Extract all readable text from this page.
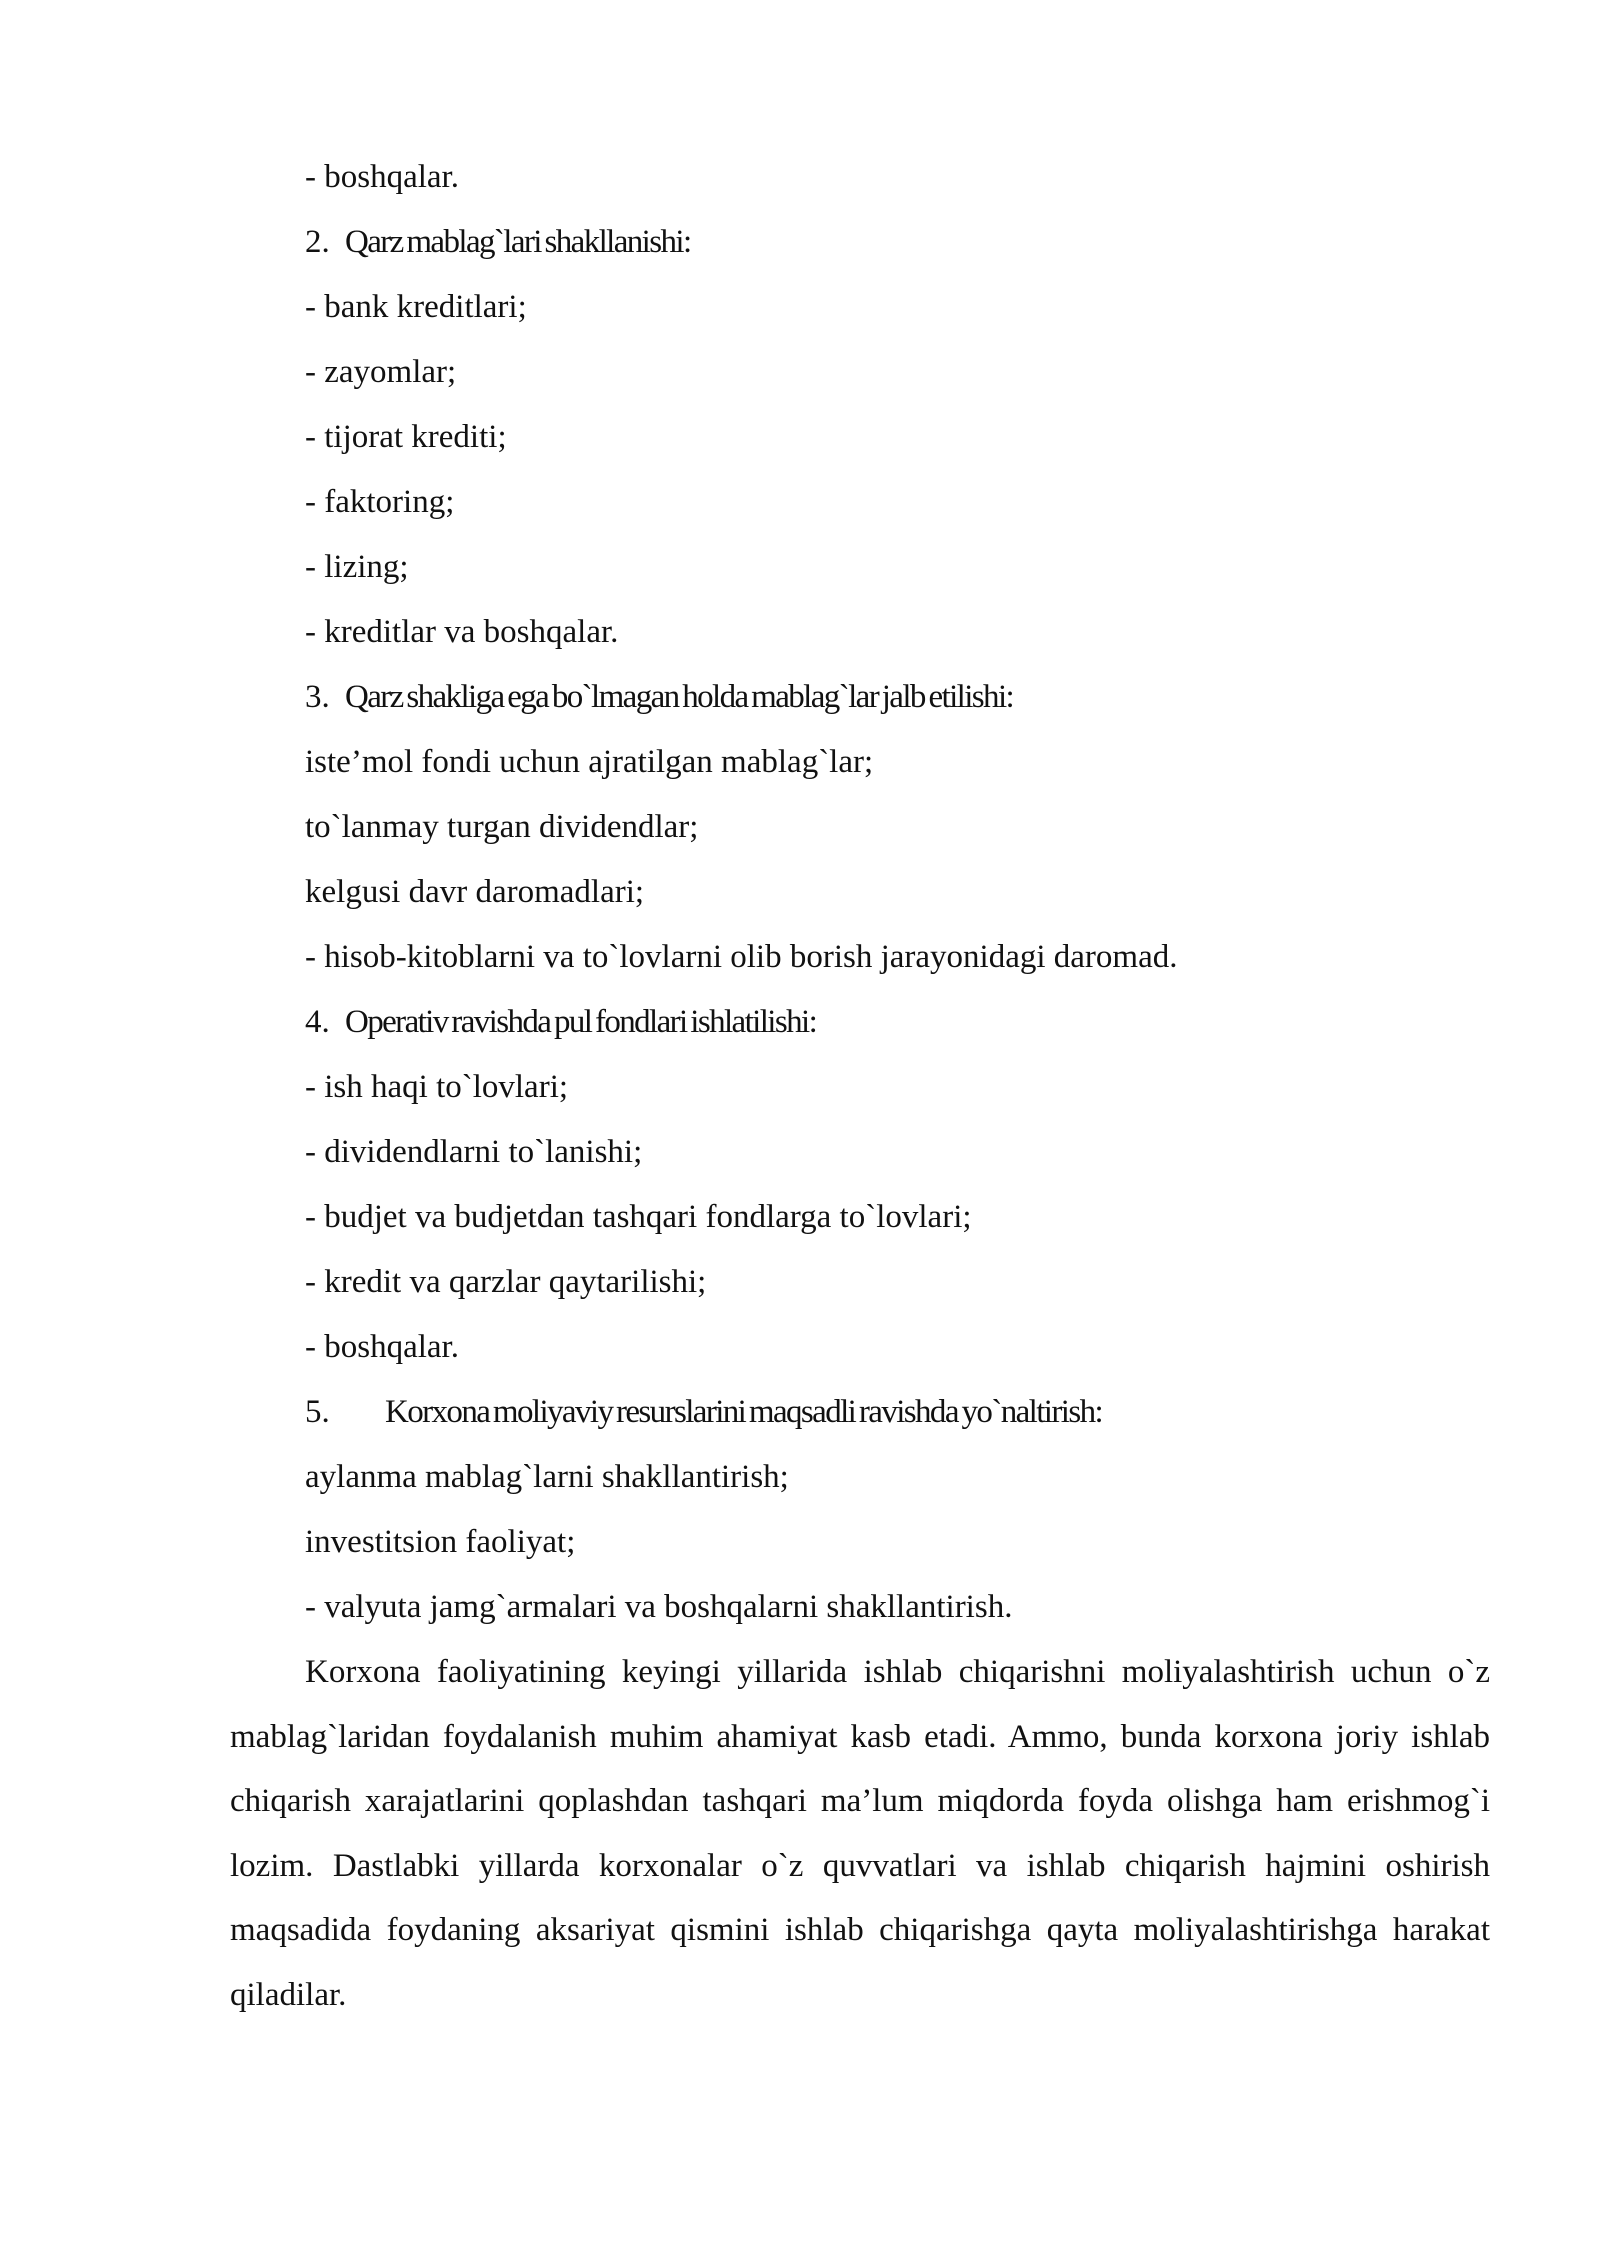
- boshqalar.
2. Qarz mablag`lari shakllanishi:
- bank kreditlari;
- zayomlar;
- tijorat krediti;
- faktoring;
- lizing;
- kreditlar va boshqalar.
3. Qarz shakliga ega bo`lmagan holda mablag`lar jalb etilishi:
iste’mol fondi uchun ajratilgan mablag`lar;
to`lanmay turgan dividendlar;
kelgusi davr daromadlari;
- hisob-kitoblarni va to`lovlarni olib borish jarayonidagi daromad.
4. Operativ ravishda pul fondlari ishlatilishi:
- ish haqi to`lovlari;
- dividendlarni to`lanishi;
- budjet va budjetdan tashqari fondlarga to`lovlari;
- kredit va qarzlar qaytarilishi;
- boshqalar.
5. Korxona moliyaviy resurslarini maqsadli ravishda yo`naltirish:
aylanma mablag`larni shakllantirish;
investitsion faoliyat;
- valyuta jamg`armalari va boshqalarni shakllantirish.
Korxona faoliyatining keyingi yillarida ishlab chiqarishni moliyalashtirish uchun o`z mablag`laridan foydalanish muhim ahamiyat kasb etadi. Ammo, bunda korxona joriy ishlab chiqarish xarajatlarini qoplashdan tashqari ma’lum miqdorda foyda olishga ham erishmog`i lozim. Dastlabki yillarda korxonalar o`z quvvatlari va ishlab chiqarish hajmini oshirish maqsadida foydaning aksariyat qismini ishlab chiqarishga qayta moliyalashtirishga harakat qiladilar.
